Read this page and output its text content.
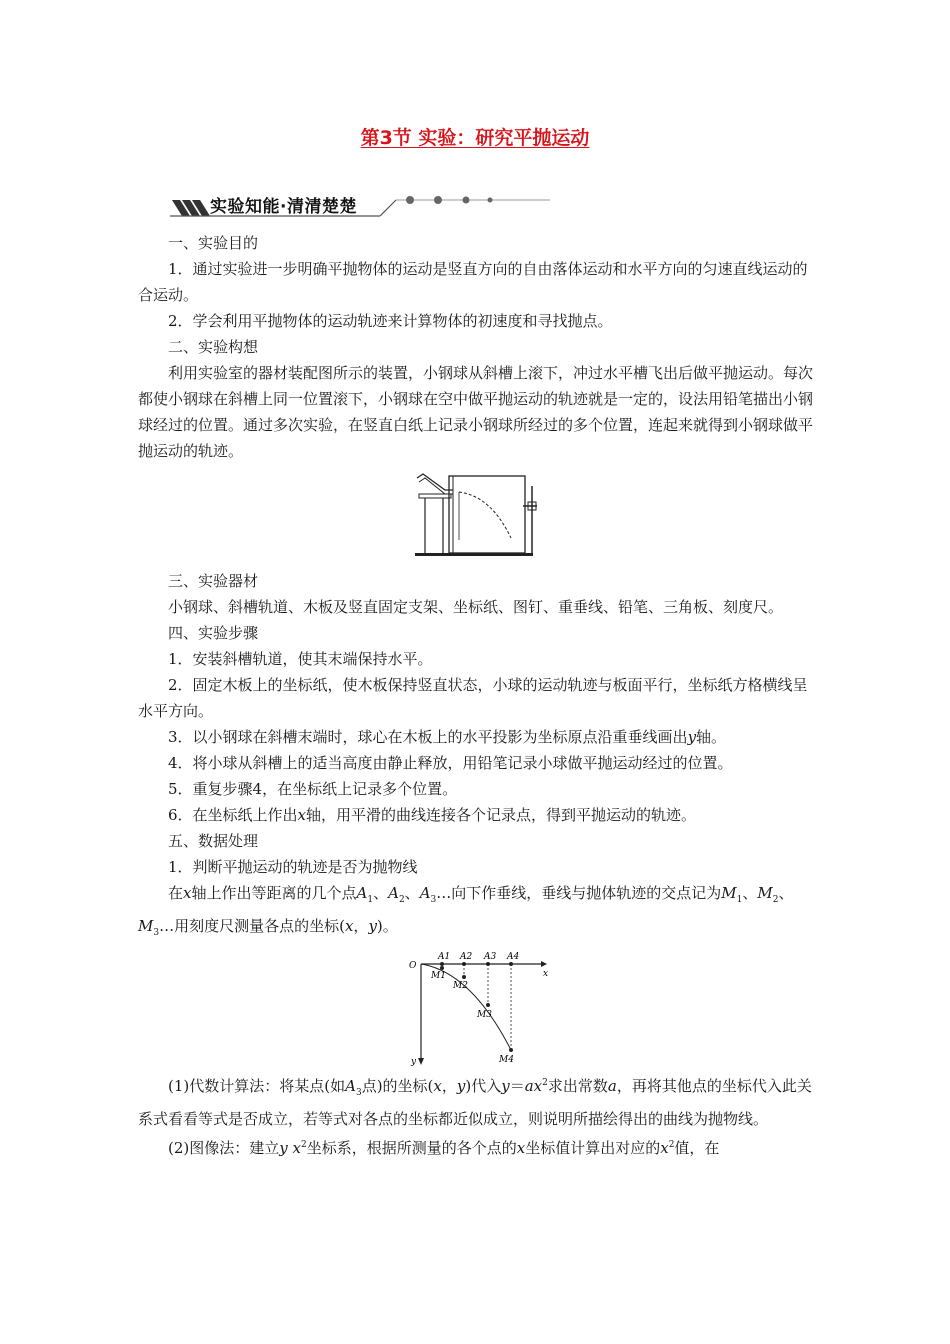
第3节 实验：研究平抛运动
实验知能·清清楚楚

一、实验目的

1．通过实验进一步明确平抛物体的运动是竖直方向的自由落体运动和水平方向的匀速直线运动的合运动。

2．学会利用平抛物体的运动轨迹来计算物体的初速度和寻找抛点。

二、实验构想

利用实验室的器材装配图所示的装置，小钢球从斜槽上滚下，冲过水平槽飞出后做平抛运动。每次都使小钢球在斜槽上同一位置滚下，小钢球在空中做平抛运动的轨迹就是一定的，设法用铅笔描出小钢球经过的位置。通过多次实验，在竖直白纸上记录小钢球所经过的多个位置，连起来就得到小钢球做平抛运动的轨迹。

三、实验器材

小钢球、斜槽轨道、木板及竖直固定支架、坐标纸、图钉、重垂线、铅笔、三角板、刻度尺。

四、实验步骤

1．安装斜槽轨道，使其末端保持水平。

2．固定木板上的坐标纸，使木板保持竖直状态，小球的运动轨迹与板面平行，坐标纸方格横线呈水平方向。

3．以小钢球在斜槽末端时，球心在木板上的水平投影为坐标原点沿重垂线画出y轴。

4．将小球从斜槽上的适当高度由静止释放，用铅笔记录小球做平抛运动经过的位置。

5．重复步骤4，在坐标纸上记录多个位置。

6．在坐标纸上作出x轴，用平滑的曲线连接各个记录点，得到平抛运动的轨迹。

五、数据处理

1．判断平抛运动的轨迹是否为抛物线

在x轴上作出等距离的几个点$A_1$、$A_2$、$A_3\dots$向下作垂线，垂线与抛体轨迹的交点记为$M_1$、$M_2$、$M_3\dots$用刻度尺测量各点的坐标(x，y)。

O
x
y
A1 A2 A3 A4
M1
M2
M3
M4

(1)代数计算法：将某点(如$A_3$点)的坐标(x，y)代入$y=ax^2$求出常数a，再将其他点的坐标代入此关系式看看等式是否成立，若等式对各点的坐标都近似成立，则说明所描绘得出的曲线为抛物线。

(2)图像法：建立y $x^2$坐标系，根据所测量的各个点的x坐标值计算出对应的$x^2$值，在
